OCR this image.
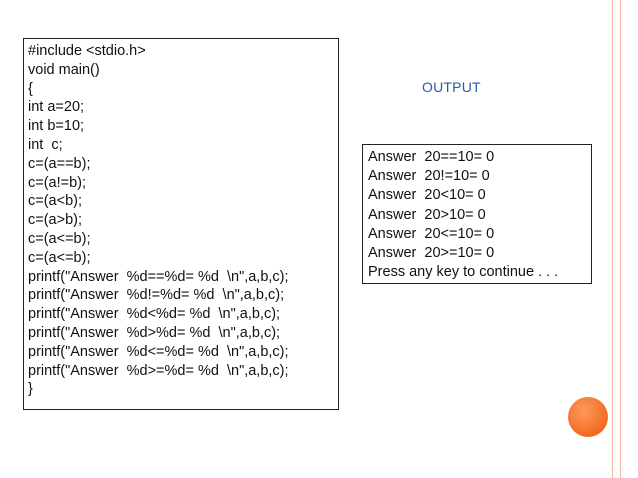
#include <stdio.h>

void main()

{

int a=20;

int b=10;

int  c;

c=(a==b);

c=(a!=b);

c=(a<b);

c=(a>b);

c=(a<=b);

c=(a<=b);

printf("Answer  %d==%d= %d  \n",a,b,c);

printf("Answer  %d!=%d= %d  \n",a,b,c);

printf("Answer  %d<%d= %d  \n",a,b,c);

printf("Answer  %d>%d= %d  \n",a,b,c);

printf("Answer  %d<=%d= %d  \n",a,b,c);

printf("Answer  %d>=%d= %d  \n",a,b,c);

}

OUTPUT

Answer  20==10= 0

Answer  20!=10= 0

Answer  20<10= 0

Answer  20>10= 0

Answer  20<=10= 0

Answer  20>=10= 0

Press any key to continue . . .
